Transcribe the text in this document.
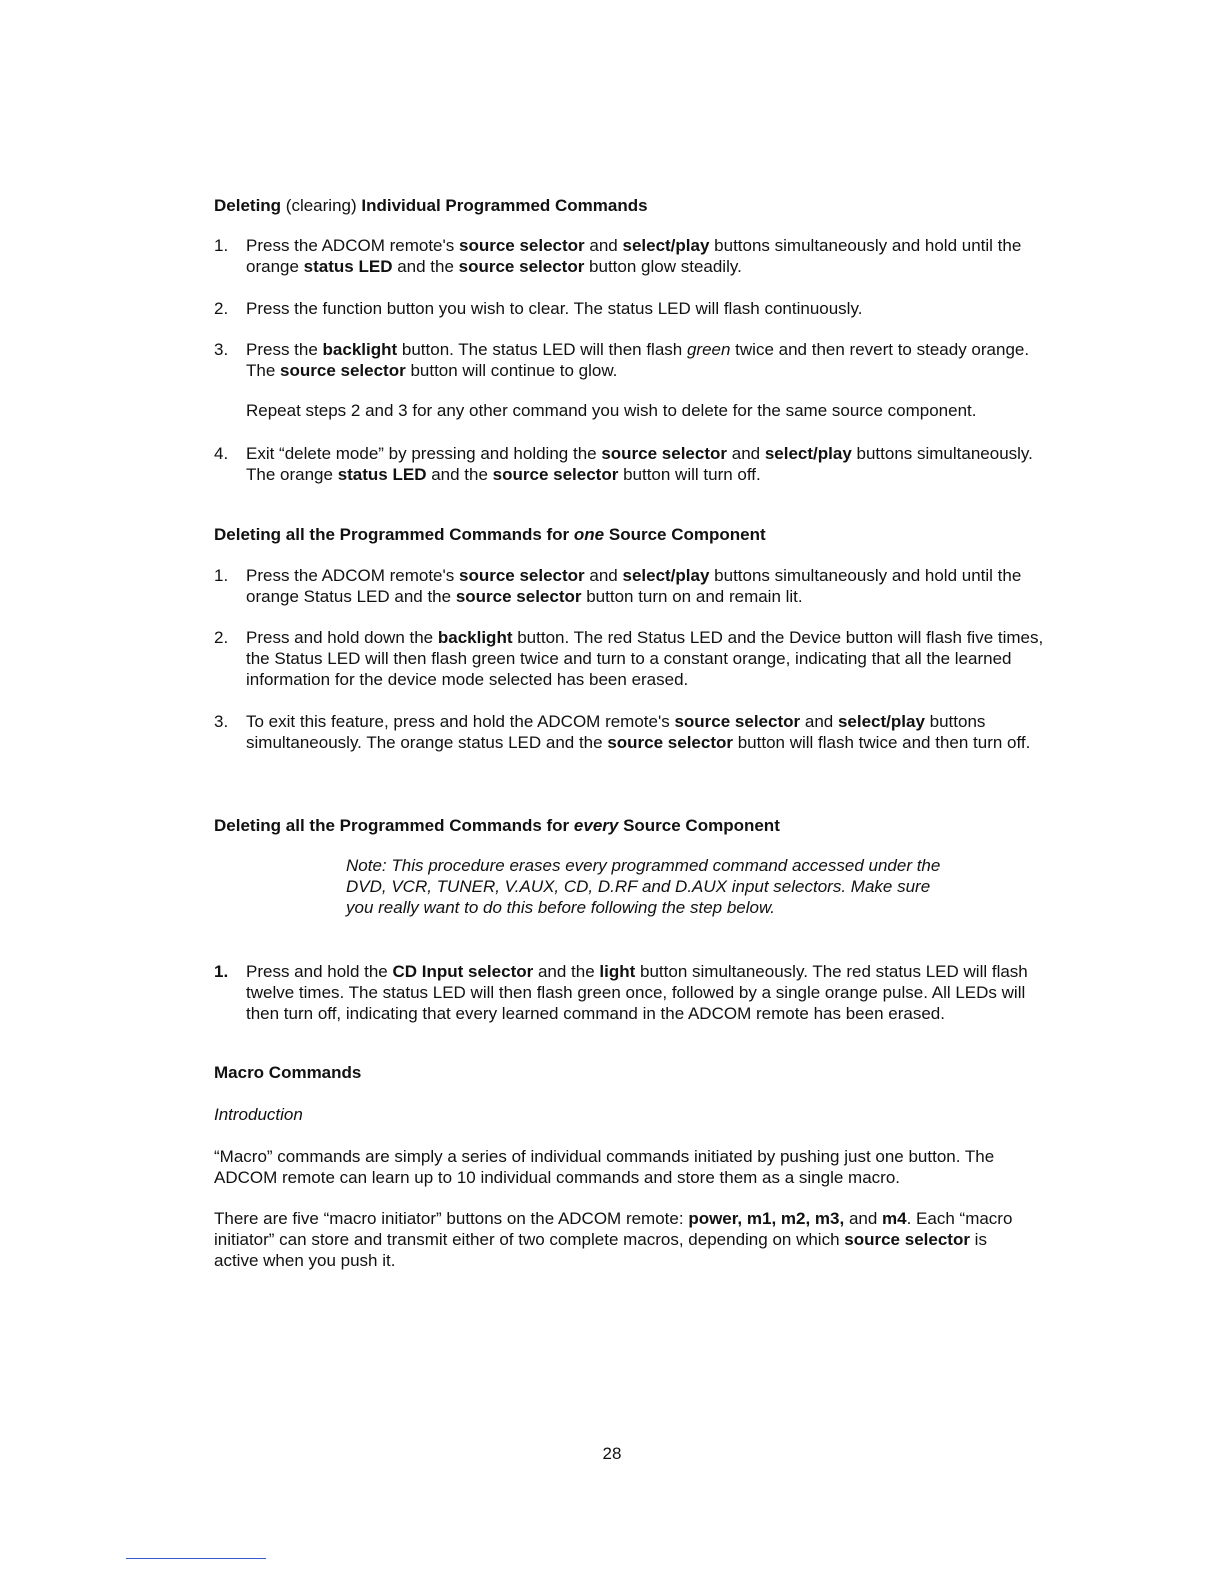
Deleting (clearing) Individual Programmed Commands
1. Press the ADCOM remote's source selector and select/play buttons simultaneously and hold until the orange status LED and the source selector button glow steadily.
2. Press the function button you wish to clear. The status LED will flash continuously.
3. Press the backlight button. The status LED will then flash green twice and then revert to steady orange. The source selector button will continue to glow.
Repeat steps 2 and 3 for any other command you wish to delete for the same source component.
4. Exit “delete mode” by pressing and holding the source selector and select/play buttons simultaneously. The orange status LED and the source selector button will turn off.
Deleting all the Programmed Commands for one Source Component
1. Press the ADCOM remote's source selector and select/play buttons simultaneously and hold until the orange Status LED and the source selector button turn on and remain lit.
2. Press and hold down the backlight button. The red Status LED and the Device button will flash five times, the Status LED will then flash green twice and turn to a constant orange, indicating that all the learned information for the device mode selected has been erased.
3. To exit this feature, press and hold the ADCOM remote's source selector and select/play buttons simultaneously. The orange status LED and the source selector button will flash twice and then turn off.
Deleting all the Programmed Commands for every Source Component
Note: This procedure erases every programmed command accessed under the DVD, VCR, TUNER, V.AUX, CD, D.RF and D.AUX input selectors. Make sure you really want to do this before following the step below.
1. Press and hold the CD Input selector and the light button simultaneously. The red status LED will flash twelve times. The status LED will then flash green once, followed by a single orange pulse. All LEDs will then turn off, indicating that every learned command in the ADCOM remote has been erased.
Macro Commands
Introduction
“Macro” commands are simply a series of individual commands initiated by pushing just one button. The ADCOM remote can learn up to 10 individual commands and store them as a single macro.
There are five “macro initiator” buttons on the ADCOM remote: power, m1, m2, m3, and m4. Each “macro initiator” can store and transmit either of two complete macros, depending on which source selector is active when you push it.
28
